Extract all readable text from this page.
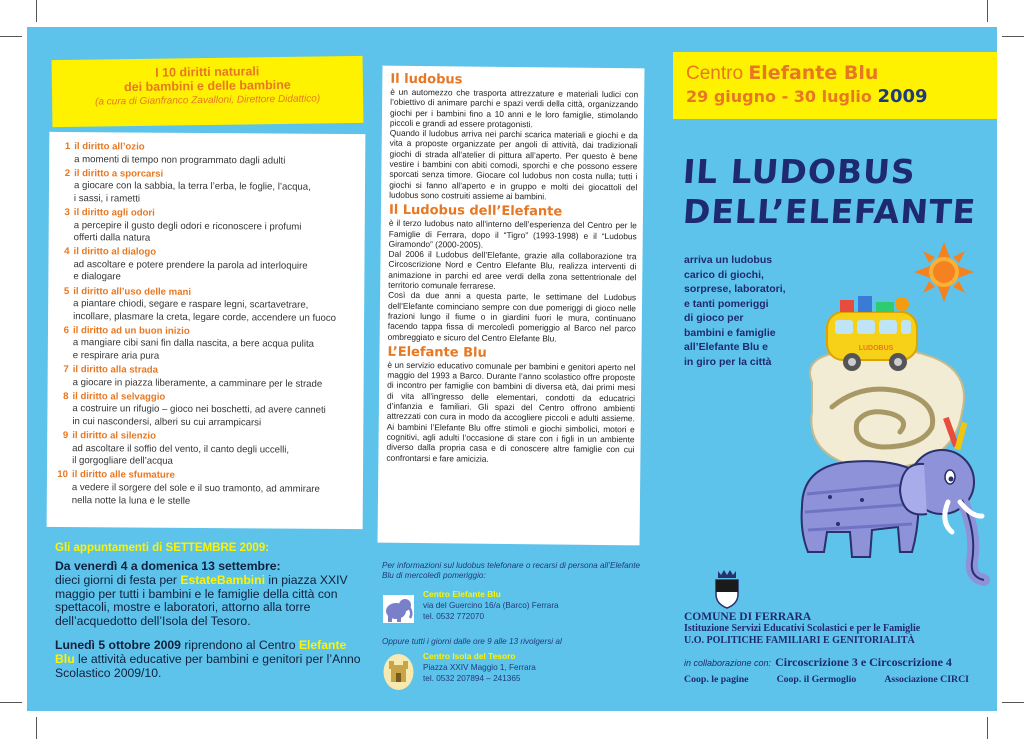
I 10 diritti naturali
dei bambini e delle bambine
(a cura di Gianfranco Zavalloni, Direttore Didattico)
1 il diritto all’ozio
a momenti di tempo non programmato dagli adulti
2 il diritto a sporcarsi
a giocare con la sabbia, la terra l’erba, le foglie, l’acqua,
i sassi, i rametti
3 il diritto agli odori
a percepire il gusto degli odori e riconoscere i profumi
offerti dalla natura
4 il diritto al dialogo
ad ascoltare e potere prendere la parola ad interloquire
e dialogare
5 il diritto all’uso delle mani
a piantare chiodi, segare e raspare legni, scartavetrare,
incollare, plasmare la creta, legare corde, accendere un fuoco
6 il diritto ad un buon inizio
a mangiare cibi sani fin dalla nascita, a bere acqua pulita
e respirare aria pura
7 il diritto alla strada
a giocare in piazza liberamente, a camminare per le strade
8 il diritto al selvaggio
a costruire un rifugio – gioco nei boschetti, ad avere canneti
in cui nascondersi, alberi su cui arrampicarsi
9 il diritto al silenzio
ad ascoltare il soffio del vento, il canto degli uccelli,
il gorgogliare dell’acqua
10 il diritto alle sfumature
a vedere il sorgere del sole e il suo tramonto, ad ammirare
nella notte la luna e le stelle
Gli appuntamenti di SETTEMBRE 2009:
Da venerdì 4 a domenica 13 settembre:
dieci giorni di festa per EstateBambini in piazza XXIV maggio per tutti i bambini e le famiglie della città con spettacoli, mostre e laboratori, attorno alla torre dell’acquedotto dell’Isola del Tesoro.
Lunedì 5 ottobre 2009 riprendono al Centro Elefante Blu le attività educative per bambini e genitori per l’Anno Scolastico 2009/10.
Il ludobus
è un automezzo che trasporta attrezzature e materiali ludici con l’obiettivo di animare parchi e spazi verdi della città, organizzando giochi per i bambini fino a 10 anni e le loro famiglie, stimolando piccoli e grandi ad essere protagonisti.
Quando il ludobus arriva nei parchi scarica materiali e giochi e da vita a proposte organizzate per angoli di attività, dai tradizionali giochi di strada all’atelier di pittura all’aperto. Per questo è bene vestire i bambini con abiti comodi, sporchi e che possono essere sporcati senza timore. Giocare col ludobus non costa nulla; tutti i giochi si fanno all’aperto e in gruppo e molti dei giocattoli del ludobus sono costruiti assieme ai bambini.
Il Ludobus dell’Elefante
è il terzo ludobus nato all’interno dell’esperienza del Centro per le Famiglie di Ferrara, dopo il “Tigro” (1993-1998) e il “Ludobus Giramondo” (2000-2005).
Dal 2006 il Ludobus dell’Elefante, grazie alla collaborazione tra Circoscrizione Nord e Centro Elefante Blu, realizza interventi di animazione in parchi ed aree verdi della zona settentrionale del territorio comunale ferrarese.
Così da due anni a questa parte, le settimane del Ludobus dell’Elefante cominciano sempre con due pomeriggi di gioco nelle frazioni lungo il fiume o in giardini fuori le mura, continuano facendo tappa fissa di mercoledì pomeriggio al Barco nel parco ombreggiato e sicuro del Centro Elefante Blu.
L’Elefante Blu
è un servizio educativo comunale per bambini e genitori aperto nel maggio del 1993 a Barco. Durante l’anno scolastico offre proposte di incontro per famiglie con bambini di diversa età, dai primi mesi di vita all’ingresso delle elementari, condotti da educatrici d’infanzia e familiari. Gli spazi del Centro offrono ambienti attrezzati con cura in modo da accogliere piccoli e adulti assieme. Ai bambini l’Elefante Blu offre stimoli e giochi simbolici, motori e cognitivi, agli adulti l’occasione di stare con i figli in un ambiente diverso dalla propria casa e di conoscere altre famiglie con cui confrontarsi e fare amicizia.
Per informazioni sul ludobus telefonare o recarsi di persona all’Elefante Blu di mercoledì pomeriggio:
Centro Elefante Blu
via del Guercino 16/a (Barco) Ferrara
tel. 0532 772070
Oppure tutti i giorni dalle ore 9 alle 13 rivolgersi al
Centro Isola del Tesoro
Piazza XXIV Maggio 1, Ferrara
tel. 0532 207894 – 241365
Centro Elefante Blu
29 giugno - 30 luglio 2009
IL LUDOBUS
DELL’ELEFANTE
arriva un ludobus
carico di giochi,
sorprese, laboratori,
e tanti pomeriggi
di gioco per
bambini e famiglie
all’Elefante Blu e
in giro per la città
LUDOBUS
COMUNE DI FERRARA
Istituzione Servizi Educativi Scolastici e per le Famiglie
U.O. POLITICHE FAMILIARI E GENITORIALITÀ
in collaborazione con: Circoscrizione 3 e Circoscrizione 4
Coop. le pagine	Coop. il Germoglio	Associazione CIRCI
